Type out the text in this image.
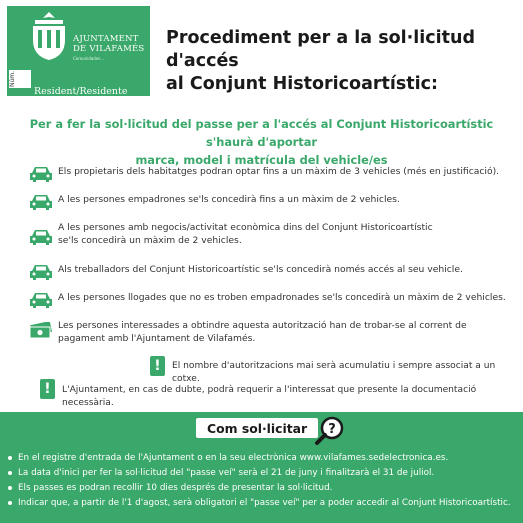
AJUNTAMENT
DE VILAFAMÉS
Comunidades...
Núm.
Resident/Residente
Procediment per a la sol·licitud d'accés
al Conjunt Historicoartístic:
Per a fer la sol·licitud del passe per a l'accés al Conjunt Historicoartístic s'haurà d'aportar
marca, model i matrícula del vehicle/es
Els propietaris dels habitatges podran optar fins a un màxim de 3 vehicles (més en justificació).
A les persones empadrones se'ls concedirà fins a un màxim de 2 vehicles.
A les persones amb negocis/activitat econòmica dins del Conjunt Historicoartístic
se'ls concedirà un màxim de 2 vehicles.
Als treballadors del Conjunt Historicoartístic se'ls concedirà només accés al seu vehicle.
A les persones llogades que no es troben empadronades se'ls concedirà un màxim de 2 vehicles.
Les persones interessades a obtindre aquesta autorització han de trobar-se al corrent de
pagament amb l'Ajuntament de Vilafamés.
!	El nombre d'autoritzacions mai serà acumulatiu i sempre associat a un cotxe.
!	L'Ajuntament, en cas de dubte, podrà requerir a l'interessat que presente la documentació necessària.
Com sol·licitar ?
En el registre d'entrada de l'Ajuntament o en la seu electrònica www.vilafames.sedelectronica.es.
La data d'inici per fer la sol·licitud del "passe veí" serà el 21 de juny i finalitzarà el 31 de juliol.
Els passes es podran recollir 10 dies després de presentar la sol·licitud.
Indicar que, a partir de l'1 d'agost, serà obligatori el "passe veí" per a poder accedir al Conjunt Historicoartístic.
